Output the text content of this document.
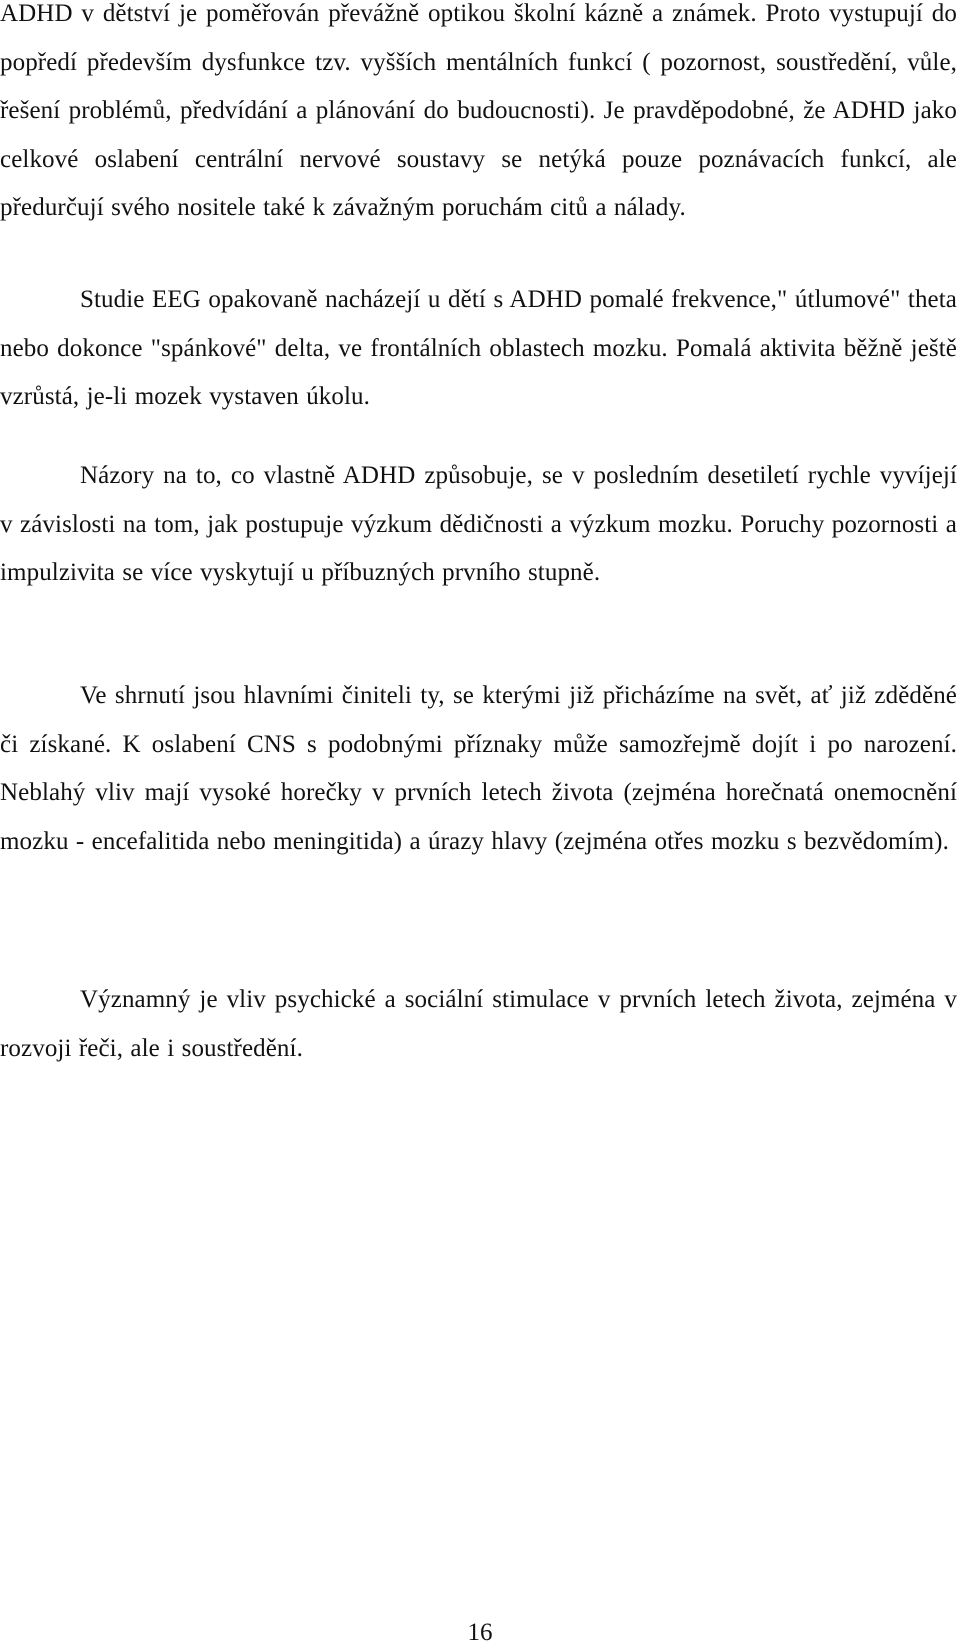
ADHD v dětství je poměřován převážně optikou školní kázně a známek. Proto vystupují do popředí především dysfunkce tzv. vyšších mentálních funkcí ( pozornost, soustředění, vůle, řešení problémů, předvídání a plánování do budoucnosti). Je pravděpodobné, že ADHD jako celkové oslabení centrální nervové soustavy se netýká pouze poznávacích funkcí, ale předurčují svého nositele také k závažným poruchám citů a nálady.

Studie EEG opakovaně nacházejí u dětí s ADHD pomalé frekvence," útlumové" theta nebo dokonce "spánkové" delta, ve frontálních oblastech mozku. Pomalá aktivita běžně ještě vzrůstá, je-li mozek vystaven úkolu.

Názory na to, co vlastně ADHD způsobuje, se v posledním desetiletí rychle vyvíjejí v závislosti na tom, jak postupuje výzkum dědičnosti a výzkum mozku. Poruchy pozornosti a impulzivita se více vyskytují u příbuzných prvního stupně.

Ve shrnutí jsou hlavními činiteli ty, se kterými již přicházíme na svět, ať již zděděné či získané. K oslabení CNS s podobnými příznaky může samozřejmě dojít i po narození. Neblahý vliv mají vysoké horečky v prvních letech života (zejména horečnatá onemocnění mozku - encefalitida nebo meningitida) a úrazy hlavy (zejména otřes mozku s bezvědomím).

Významný je vliv psychické a sociální stimulace v prvních letech života, zejména v rozvoji řeči, ale i soustředění.

16
